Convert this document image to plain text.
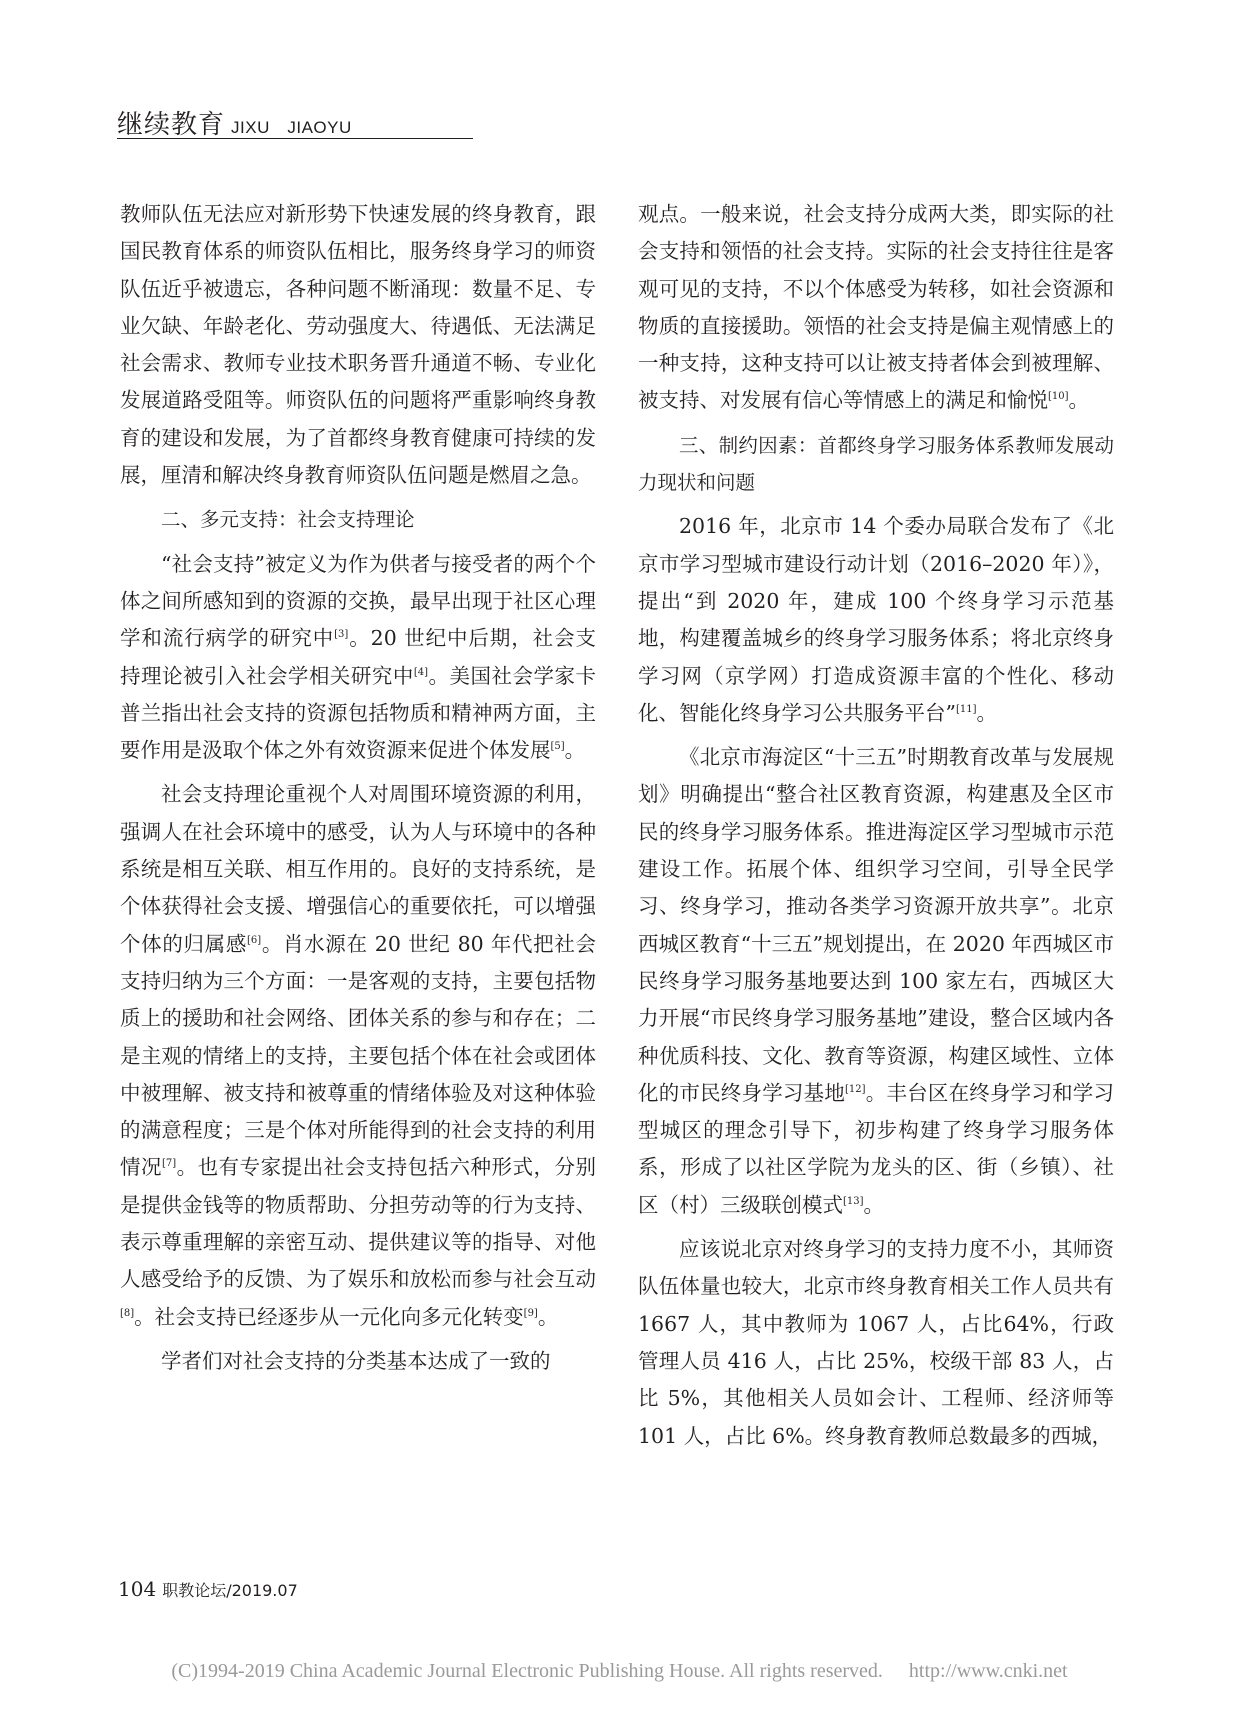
继续教育 JIXU　JIAOYU

教师队伍无法应对新形势下快速发展的终身教育，跟国民教育体系的师资队伍相比，服务终身学习的师资队伍近乎被遗忘，各种问题不断涌现：数量不足、专业欠缺、年龄老化、劳动强度大、待遇低、无法满足社会需求、教师专业技术职务晋升通道不畅、专业化发展道路受阻等。师资队伍的问题将严重影响终身教育的建设和发展，为了首都终身教育健康可持续的发展，厘清和解决终身教育师资队伍问题是燃眉之急。

二、多元支持：社会支持理论

“社会支持”被定义为作为供者与接受者的两个个体之间所感知到的资源的交换，最早出现于社区心理学和流行病学的研究中[3]。20 世纪中后期，社会支持理论被引入社会学相关研究中[4]。美国社会学家卡普兰指出社会支持的资源包括物质和精神两方面，主要作用是汲取个体之外有效资源来促进个体发展[5]。

社会支持理论重视个人对周围环境资源的利用，强调人在社会环境中的感受，认为人与环境中的各种系统是相互关联、相互作用的。良好的支持系统，是个体获得社会支援、增强信心的重要依托，可以增强个体的归属感[6]。肖水源在 20 世纪 80 年代把社会支持归纳为三个方面：一是客观的支持，主要包括物质上的援助和社会网络、团体关系的参与和存在；二是主观的情绪上的支持，主要包括个体在社会或团体中被理解、被支持和被尊重的情绪体验及对这种体验的满意程度；三是个体对所能得到的社会支持的利用情况[7]。也有专家提出社会支持包括六种形式，分别是提供金钱等的物质帮助、分担劳动等的行为支持、表示尊重理解的亲密互动、提供建议等的指导、对他人感受给予的反馈、为了娱乐和放松而参与社会互动[8]。社会支持已经逐步从一元化向多元化转变[9]。

学者们对社会支持的分类基本达成了一致的

观点。一般来说，社会支持分成两大类，即实际的社会支持和领悟的社会支持。实际的社会支持往往是客观可见的支持，不以个体感受为转移，如社会资源和物质的直接援助。领悟的社会支持是偏主观情感上的一种支持，这种支持可以让被支持者体会到被理解、被支持、对发展有信心等情感上的满足和愉悦[10]。

三、制约因素：首都终身学习服务体系教师发展动力现状和问题

2016 年，北京市 14 个委办局联合发布了《北京市学习型城市建设行动计划（2016–2020 年）》，提出“到 2020 年，建成 100 个终身学习示范基地，构建覆盖城乡的终身学习服务体系；将北京终身学习网（京学网）打造成资源丰富的个性化、移动化、智能化终身学习公共服务平台”[11]。

《北京市海淀区“十三五”时期教育改革与发展规划》明确提出“整合社区教育资源，构建惠及全区市民的终身学习服务体系。推进海淀区学习型城市示范建设工作。拓展个体、组织学习空间，引导全民学习、终身学习，推动各类学习资源开放共享”。北京西城区教育“十三五”规划提出，在 2020 年西城区市民终身学习服务基地要达到 100 家左右，西城区大力开展“市民终身学习服务基地”建设，整合区域内各种优质科技、文化、教育等资源，构建区域性、立体化的市民终身学习基地[12]。丰台区在终身学习和学习型城区的理念引导下，初步构建了终身学习服务体系，形成了以社区学院为龙头的区、街（乡镇）、社区（村）三级联创模式[13]。

应该说北京对终身学习的支持力度不小，其师资队伍体量也较大，北京市终身教育相关工作人员共有 1667 人，其中教师为 1067 人，占比64%，行政管理人员 416 人，占比 25%，校级干部 83 人，占比 5%，其他相关人员如会计、工程师、经济师等 101 人，占比 6%。终身教育教师总数最多的西城，

104 职教论坛/2019.07
(C)1994-2019 China Academic Journal Electronic Publishing House. All rights reserved. http://www.cnki.net
